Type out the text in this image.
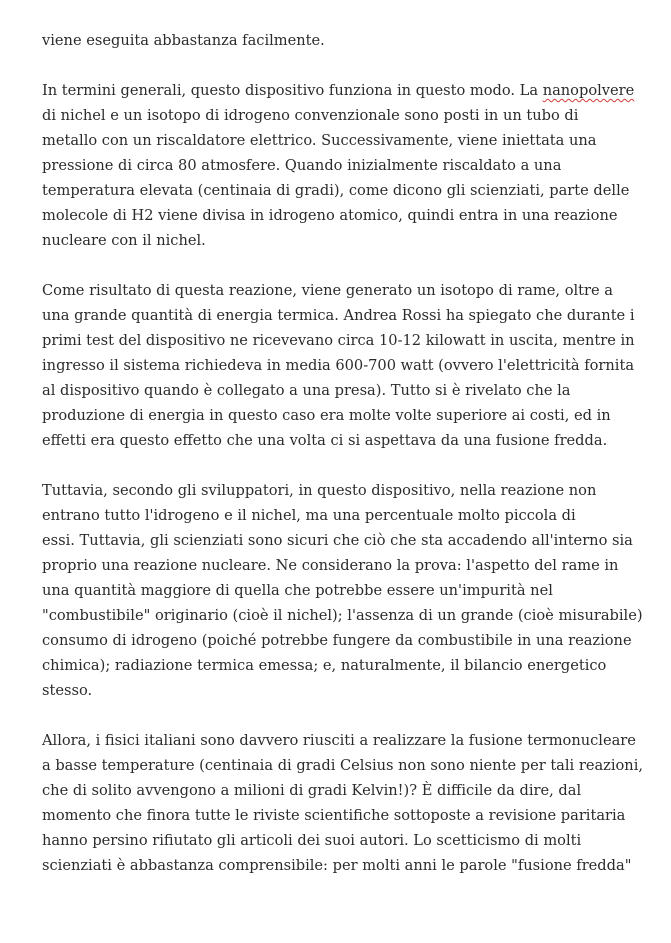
viene eseguita abbastanza facilmente.

In termini generali, questo dispositivo funziona in questo modo. La nanopolvere
di nichel e un isotopo di idrogeno convenzionale sono posti in un tubo di
metallo con un riscaldatore elettrico. Successivamente, viene iniettata una
pressione di circa 80 atmosfere. Quando inizialmente riscaldato a una
temperatura elevata (centinaia di gradi), come dicono gli scienziati, parte delle
molecole di H2 viene divisa in idrogeno atomico, quindi entra in una reazione
nucleare con il nichel.

Come risultato di questa reazione, viene generato un isotopo di rame, oltre a
una grande quantità di energia termica. Andrea Rossi ha spiegato che durante i
primi test del dispositivo ne ricevevano circa 10-12 kilowatt in uscita, mentre in
ingresso il sistema richiedeva in media 600-700 watt (ovvero l'elettricità fornita
al dispositivo quando è collegato a una presa). Tutto si è rivelato che la
produzione di energia in questo caso era molte volte superiore ai costi, ed in
effetti era questo effetto che una volta ci si aspettava da una fusione fredda.

Tuttavia, secondo gli sviluppatori, in questo dispositivo, nella reazione non
entrano tutto l'idrogeno e il nichel, ma una percentuale molto piccola di
essi. Tuttavia, gli scienziati sono sicuri che ciò che sta accadendo all'interno sia
proprio una reazione nucleare. Ne considerano la prova: l'aspetto del rame in
una quantità maggiore di quella che potrebbe essere un'impurità nel
"combustibile" originario (cioè il nichel); l'assenza di un grande (cioè misurabile)
consumo di idrogeno (poiché potrebbe fungere da combustibile in una reazione
chimica); radiazione termica emessa; e, naturalmente, il bilancio energetico
stesso.

Allora, i fisici italiani sono davvero riusciti a realizzare la fusione termonucleare
a basse temperature (centinaia di gradi Celsius non sono niente per tali reazioni,
che di solito avvengono a milioni di gradi Kelvin!)? È difficile da dire, dal
momento che finora tutte le riviste scientifiche sottoposte a revisione paritaria
hanno persino rifiutato gli articoli dei suoi autori. Lo scetticismo di molti
scienziati è abbastanza comprensibile: per molti anni le parole "fusione fredda"
